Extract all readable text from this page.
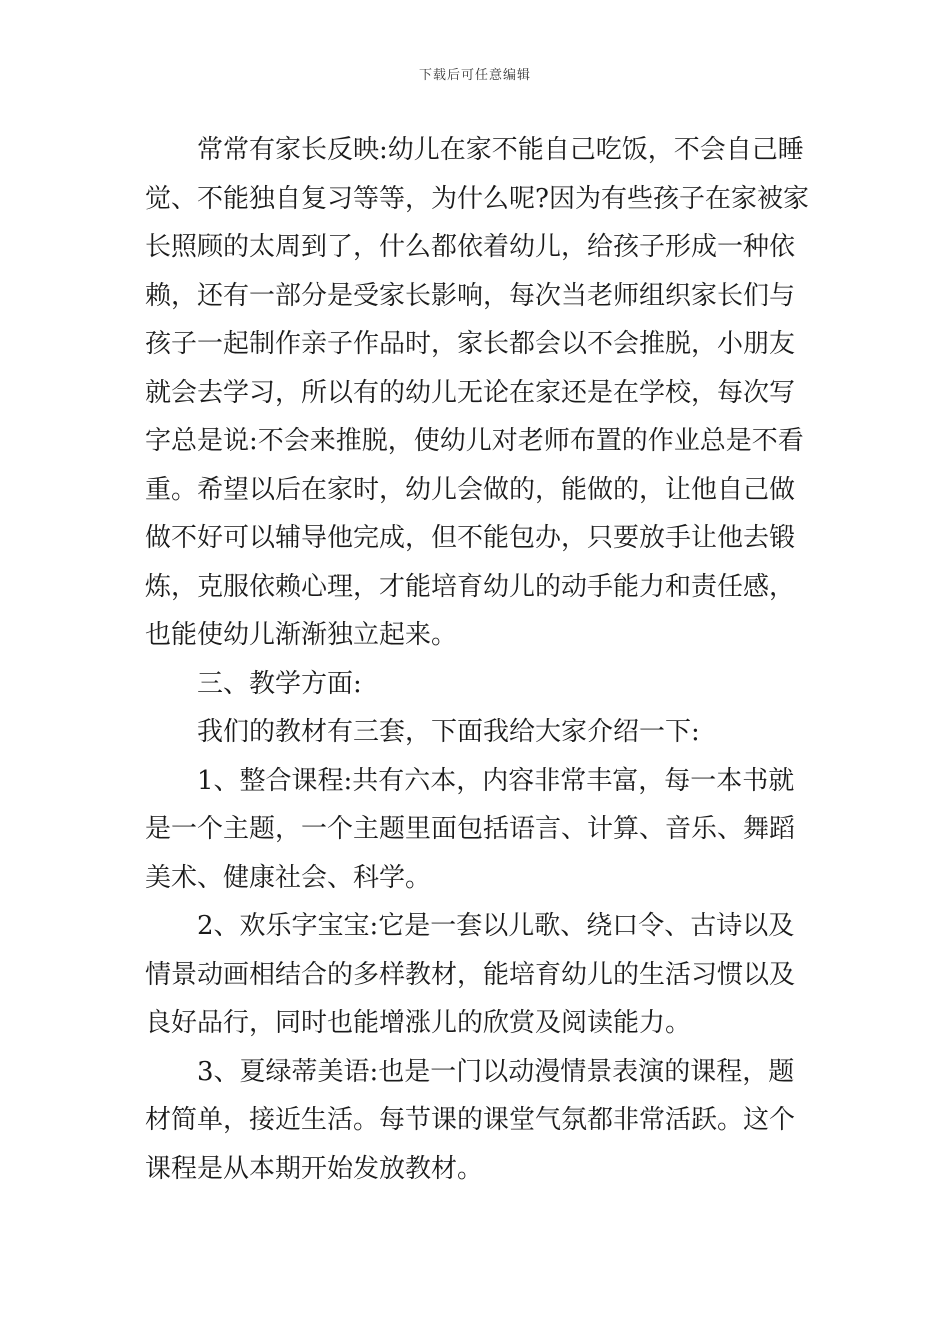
下载后可任意编辑
常常有家长反映:幼儿在家不能自己吃饭，不会自己睡
觉、不能独自复习等等，为什么呢?因为有些孩子在家被家
长照顾的太周到了，什么都依着幼儿，给孩子形成一种依
赖，还有一部分是受家长影响，每次当老师组织家长们与
孩子一起制作亲子作品时，家长都会以不会推脱，小朋友
就会去学习，所以有的幼儿无论在家还是在学校，每次写
字总是说:不会来推脱，使幼儿对老师布置的作业总是不看
重。希望以后在家时，幼儿会做的，能做的，让他自己做
做不好可以辅导他完成，但不能包办，只要放手让他去锻
炼，克服依赖心理，才能培育幼儿的动手能力和责任感，
也能使幼儿渐渐独立起来。
三、教学方面:
我们的教材有三套，下面我给大家介绍一下:
1、整合课程:共有六本，内容非常丰富，每一本书就
是一个主题，一个主题里面包括语言、计算、音乐、舞蹈
美术、健康社会、科学。
2、欢乐字宝宝:它是一套以儿歌、绕口令、古诗以及
情景动画相结合的多样教材，能培育幼儿的生活习惯以及
良好品行，同时也能增涨儿的欣赏及阅读能力。
3、夏绿蒂美语:也是一门以动漫情景表演的课程，题
材简单，接近生活。每节课的课堂气氛都非常活跃。这个
课程是从本期开始发放教材。
